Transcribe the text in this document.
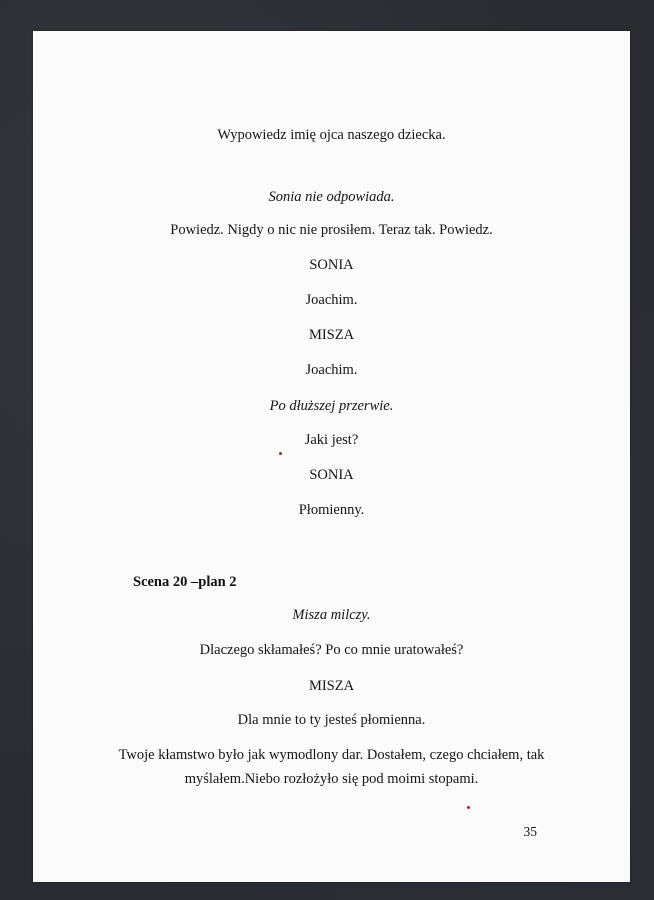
Wypowiedz imię ojca naszego dziecka.
Sonia nie odpowiada.
Powiedz. Nigdy o nic nie prosiłem. Teraz tak. Powiedz.
SONIA
Joachim.
MISZA
Joachim.
Po dłuższej przerwie.
Jaki jest?
SONIA
Płomienny.
Scena 20 –plan 2
Misza milczy.
Dlaczego skłamałeś? Po co mnie uratowałeś?
MISZA
Dla mnie to ty jesteś płomienna.
Twoje kłamstwo było jak wymodlony dar. Dostałem, czego chciałem, tak
myślałem.Niebo rozłożyło się pod moimi stopami.
35
